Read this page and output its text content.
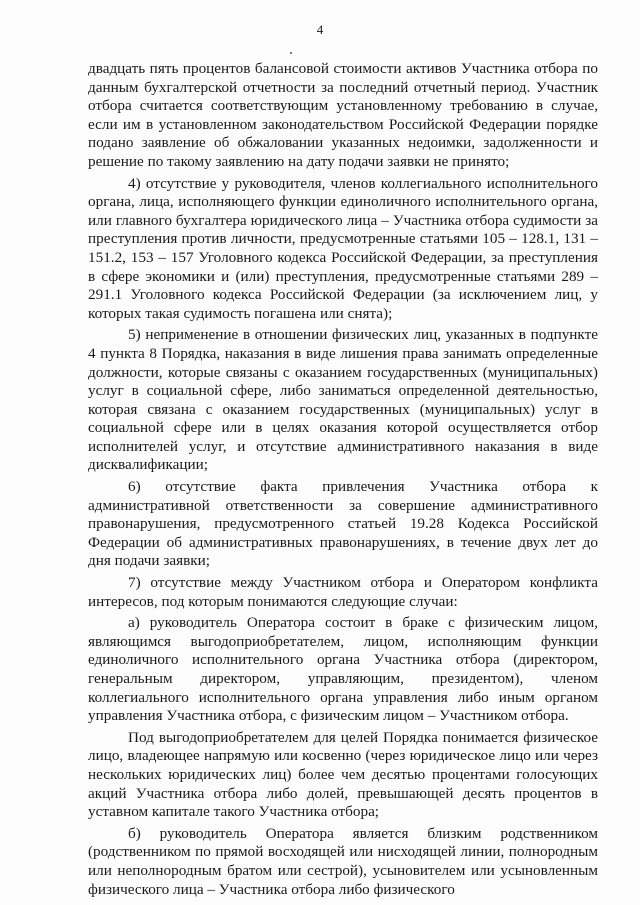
4

двадцать пять процентов балансовой стоимости активов Участника отбора по данным бухгалтерской отчетности за последний отчетный период. Участник отбора считается соответствующим установленному требованию в случае, если им в установленном законодательством Российской Федерации порядке подано заявление об обжаловании указанных недоимки, задолженности и решение по такому заявлению на дату подачи заявки не принято;

4) отсутствие у руководителя, членов коллегиального исполнительного органа, лица, исполняющего функции единоличного исполнительного органа, или главного бухгалтера юридического лица – Участника отбора судимости за преступления против личности, предусмотренные статьями 105 – 128.1, 131 – 151.2, 153 – 157 Уголовного кодекса Российской Федерации, за преступления в сфере экономики и (или) преступления, предусмотренные статьями 289 – 291.1 Уголовного кодекса Российской Федерации (за исключением лиц, у которых такая судимость погашена или снята);

5) неприменение в отношении физических лиц, указанных в подпункте 4 пункта 8 Порядка, наказания в виде лишения права занимать определенные должности, которые связаны с оказанием государственных (муниципальных) услуг в социальной сфере, либо заниматься определенной деятельностью, которая связана с оказанием государственных (муниципальных) услуг в социальной сфере или в целях оказания которой осуществляется отбор исполнителей услуг, и отсутствие административного наказания в виде дисквалификации;

6) отсутствие факта привлечения Участника отбора к административной ответственности за совершение административного правонарушения, предусмотренного статьей 19.28 Кодекса Российской Федерации об административных правонарушениях, в течение двух лет до дня подачи заявки;

7) отсутствие между Участником отбора и Оператором конфликта интересов, под которым понимаются следующие случаи:

а) руководитель Оператора состоит в браке с физическим лицом, являющимся выгодоприобретателем, лицом, исполняющим функции единоличного исполнительного органа Участника отбора (директором, генеральным директором, управляющим, президентом), членом коллегиального исполнительного органа управления либо иным органом управления Участника отбора, с физическим лицом – Участником отбора.

Под выгодоприобретателем для целей Порядка понимается физическое лицо, владеющее напрямую или косвенно (через юридическое лицо или через нескольких юридических лиц) более чем десятью процентами голосующих акций Участника отбора либо долей, превышающей десять процентов в уставном капитале такого Участника отбора;

б) руководитель Оператора является близким родственником (родственником по прямой восходящей или нисходящей линии, полнородным или неполнородным братом или сестрой), усыновителем или усыновленным физического лица – Участника отбора либо физического
